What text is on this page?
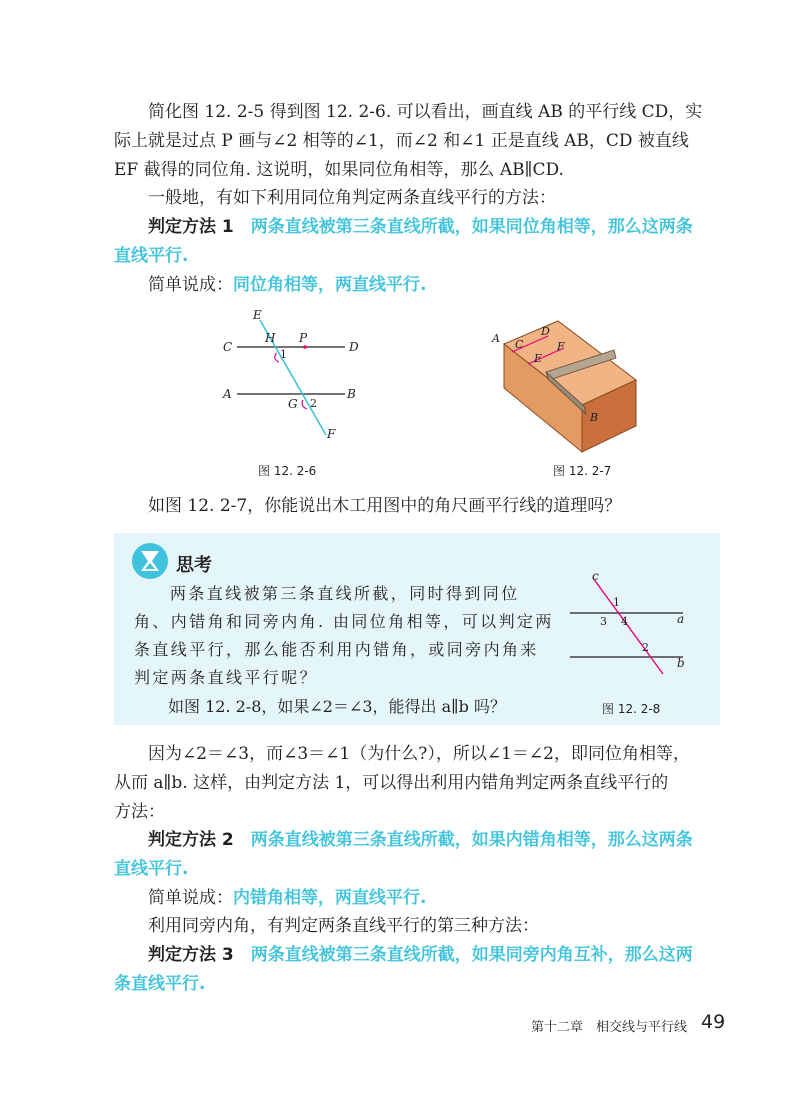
简化图 12. 2-5 得到图 12. 2-6. 可以看出，画直线 AB 的平行线 CD，实
际上就是过点 P 画与∠2 相等的∠1，而∠2 和∠1 正是直线 AB，CD 被直线
EF 截得的同位角. 这说明，如果同位角相等，那么 AB∥CD.
一般地，有如下利用同位角判定两条直线平行的方法：
判定方法 1　 两条直线被第三条直线所截，如果同位角相等，那么这两条
直线平行.
简单说成：同位角相等，两直线平行.
E
C
H P
D
1
A
G 2
B
F
图 12. 2-6
A C
D
E
F
B
图 12. 2-7
如图 12. 2-7，你能说出木工用图中的角尺画平行线的道理吗？
思考

两条直线被第三条直线所截，同时得到同位角、内错角和同旁内角. 由同位角相等，可以判定两条直线平行，那么能否利用内错角，或同旁内角来判定两条直线平行呢？

如图 12. 2-8，如果∠2＝∠3，能得出 a∥b 吗？

c
1
3 4	a
2
b
图 12. 2-8
因为∠2＝∠3，而∠3＝∠1（为什么?），所以∠1＝∠2，即同位角相等，
从而 a∥b. 这样，由判定方法 1，可以得出利用内错角判定两条直线平行的
方法：
判定方法 2　 两条直线被第三条直线所截，如果内错角相等，那么这两条
直线平行.
简单说成：内错角相等，两直线平行.
利用同旁内角，有判定两条直线平行的第三种方法：
判定方法 3　 两条直线被第三条直线所截，如果同旁内角互补，那么这两
条直线平行.
第十二章　相交线与平行线 49
